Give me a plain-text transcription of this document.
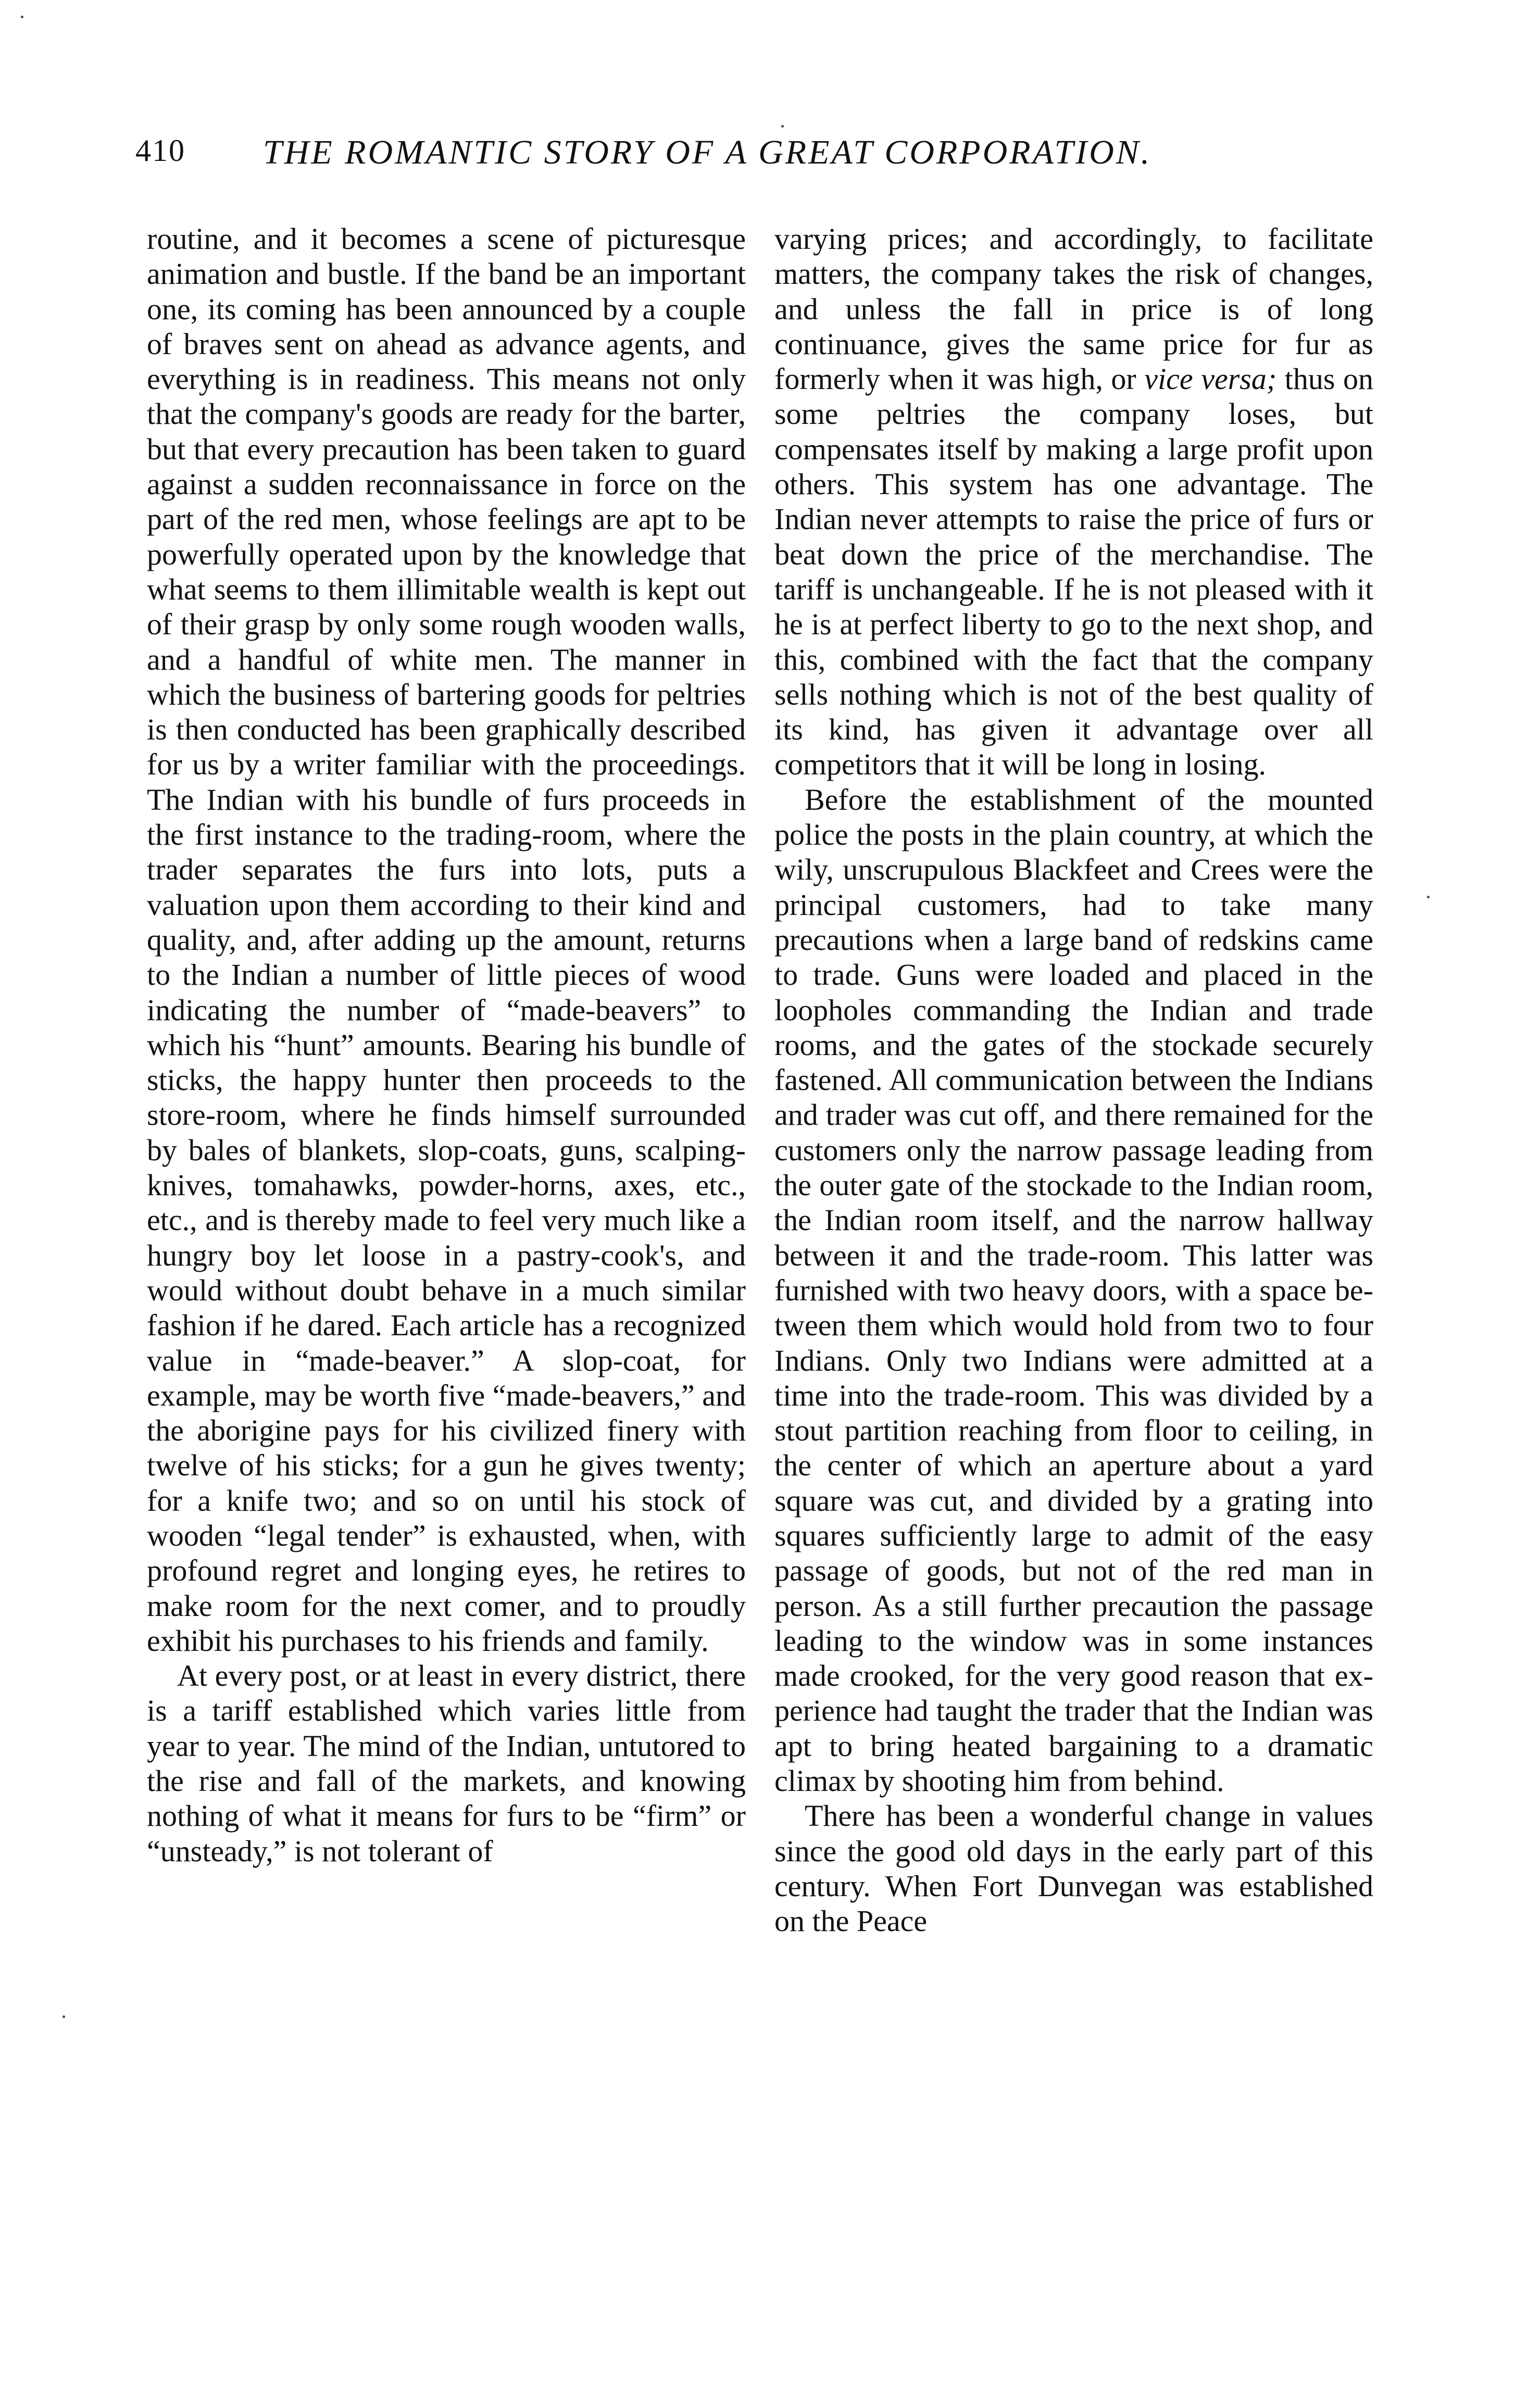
410 THE ROMANTIC STORY OF A GREAT CORPORATION.

routine, and it becomes a scene of picturesque animation and bustle. If the band be an important one, its coming has been announced by a couple of braves sent on ahead as advance agents, and everything is in readiness. This means not only that the company's goods are ready for the barter, but that every precaution has been taken to guard against a sudden reconnaissance in force on the part of the red men, whose feelings are apt to be powerfully operated upon by the knowledge that what seems to them illimitable wealth is kept out of their grasp by only some rough wooden walls, and a handful of white men. The manner in which the business of bartering goods for peltries is then conducted has been graphically described for us by a writer familiar with the proceedings. The Indian with his bundle of furs proceeds in the first instance to the trading-room, where the trader separates the furs into lots, puts a valuation upon them according to their kind and quality, and, after adding up the amount, returns to the Indian a number of little pieces of wood indicating the number of “made-beavers” to which his “hunt” amounts. Bearing his bundle of sticks, the happy hunter then proceeds to the store-room, where he finds himself surrounded by bales of blankets, slop-coats, guns, scalping-knives, tomahawks, powder-horns, axes, etc., etc., and is thereby made to feel very much like a hungry boy let loose in a pastry-cook's, and would without doubt behave in a much similar fashion if he dared. Each article has a recognized value in “made-beaver.” A slop-coat, for example, may be worth five “made-beavers,” and the aborigine pays for his civilized finery with twelve of his sticks; for a gun he gives twenty; for a knife two; and so on until his stock of wooden “legal tender” is exhausted, when, with profound regret and longing eyes, he retires to make room for the next comer, and to proudly exhibit his purchases to his friends and family.

At every post, or at least in every district, there is a tariff established which varies little from year to year. The mind of the Indian, untutored to the rise and fall of the markets, and knowing nothing of what it means for furs to be “firm” or “unsteady,” is not tolerant of

varying prices; and accordingly, to facilitate matters, the company takes the risk of changes, and unless the fall in price is of long continuance, gives the same price for fur as formerly when it was high, or vice versa; thus on some peltries the company loses, but compensates itself by making a large profit upon others. This system has one advantage. The Indian never attempts to raise the price of furs or beat down the price of the merchandise. The tariff is unchangeable. If he is not pleased with it he is at perfect liberty to go to the next shop, and this, combined with the fact that the company sells nothing which is not of the best quality of its kind, has given it advantage over all competitors that it will be long in losing.

Before the establishment of the mounted police the posts in the plain country, at which the wily, unscrupulous Blackfeet and Crees were the principal customers, had to take many precautions when a large band of redskins came to trade. Guns were loaded and placed in the loopholes commanding the Indian and trade rooms, and the gates of the stockade securely fastened. All communication between the Indians and trader was cut off, and there remained for the customers only the narrow passage leading from the outer gate of the stockade to the Indian room, the Indian room itself, and the narrow hallway between it and the trade-room. This latter was furnished with two heavy doors, with a space between them which would hold from two to four Indians. Only two Indians were admitted at a time into the trade-room. This was divided by a stout partition reaching from floor to ceiling, in the center of which an aperture about a yard square was cut, and divided by a grating into squares sufficiently large to admit of the easy passage of goods, but not of the red man in person. As a still further precaution the passage leading to the window was in some instances made crooked, for the very good reason that experience had taught the trader that the Indian was apt to bring heated bargaining to a dramatic climax by shooting him from behind.

There has been a wonderful change in values since the good old days in the early part of this century. When Fort Dunvegan was established on the Peace
